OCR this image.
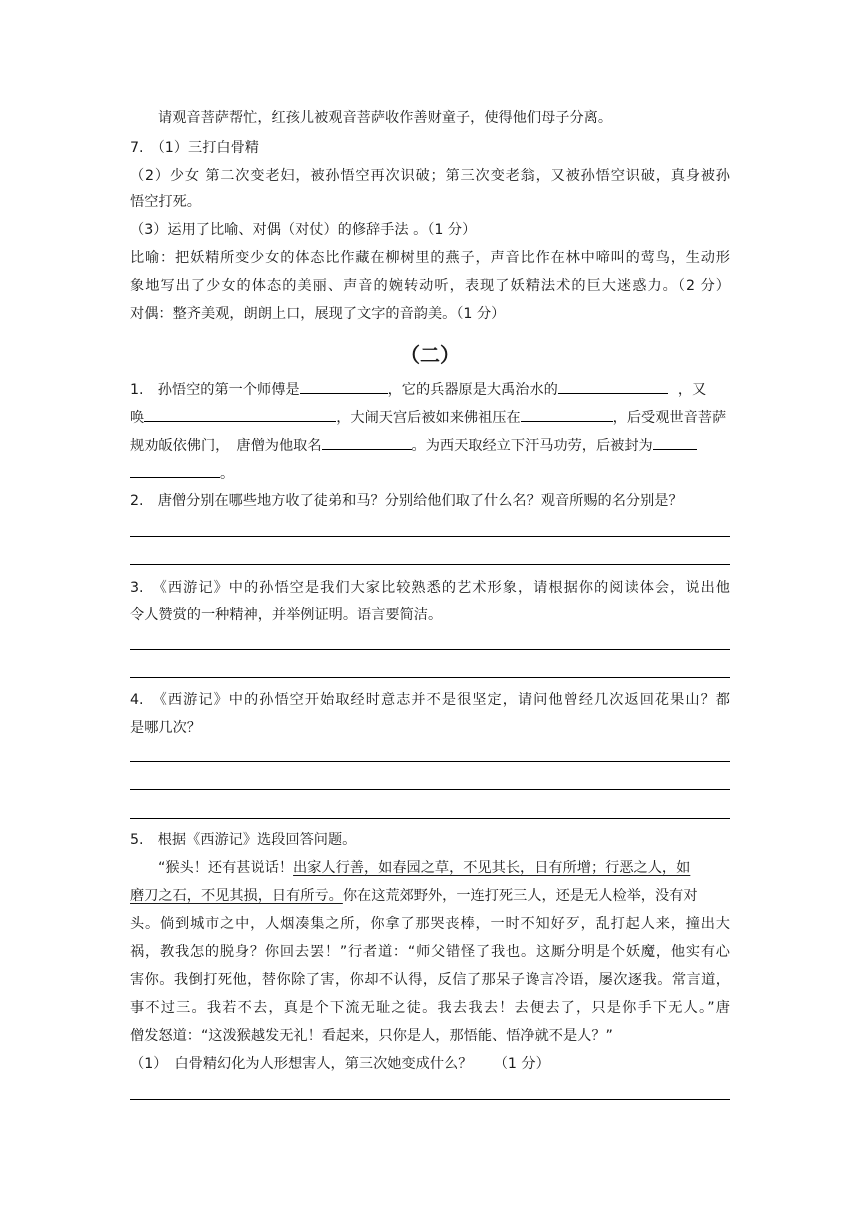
请观音菩萨帮忙，红孩儿被观音菩萨收作善财童子，使得他们母子分离。
7.　（1）三打白骨精
（2）少女 第二次变老妇，被孙悟空再次识破；第三次变老翁，又被孙悟空识破，真身被孙
悟空打死。
（3）运用了比喻、对偶（对仗）的修辞手法 。（1 分）
比喻：把妖精所变少女的体态比作藏在柳树里的燕子，声音比作在林中啼叫的莺鸟，生动形
象地写出了少女的体态的美丽、声音的婉转动听，表现了妖精法术的巨大迷惑力。（2 分）
对偶：整齐美观，朗朗上口，展现了文字的音韵美。（1 分）
（二）
1.　孙悟空的第一个师傅是	，它的兵器原是大禹治水的	，又
唤	，大闹天宫后被如来佛祖压在	，后受观世音菩萨
规劝皈依佛门，　唐僧为他取名	。为西天取经立下汗马功劳，后被封为
。
2.　唐僧分别在哪些地方收了徒弟和马？分别给他们取了什么名？观音所赐的名分别是？
3.　《西游记》中的孙悟空是我们大家比较熟悉的艺术形象，请根据你的阅读体会，说出他
令人赞赏的一种精神，并举例证明。语言要简洁。
4.　《西游记》中的孙悟空开始取经时意志并不是很坚定，请问他曾经几次返回花果山？都
是哪几次？
5.　根据《西游记》选段回答问题。
“猴头！还有甚说话！出家人行善，如春园之草，不见其长，日有所增；行恶之人，如
磨刀之石，不见其损，日有所亏。你在这荒郊野外，一连打死三人，还是无人检举，没有对
头。倘到城市之中，人烟凑集之所，你拿了那哭丧棒，一时不知好歹，乱打起人来，撞出大
祸，教我怎的脱身？你回去罢！”行者道：“师父错怪了我也。这厮分明是个妖魔，他实有心
害你。我倒打死他，替你除了害，你却不认得，反信了那呆子谗言冷语，屡次逐我。常言道，
事不过三。我若不去，真是个下流无耻之徒。我去我去！去便去了，只是你手下无人。”唐
僧发怒道：“这泼猴越发无礼！看起来，只你是人，那悟能、悟净就不是人？”
（1）　白骨精幻化为人形想害人，第三次她变成什么？　　（1 分）
